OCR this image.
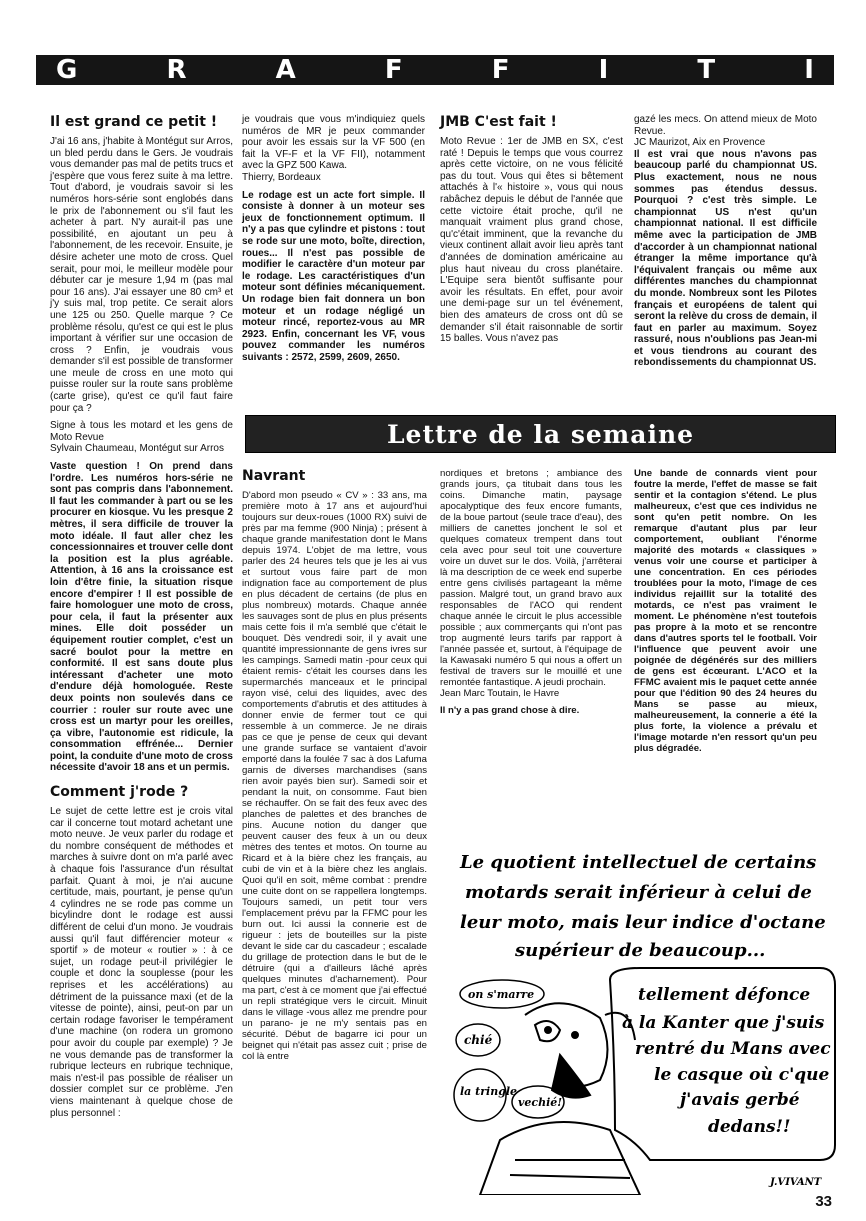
G	R	A	F	F	I	T	I
Il est grand ce petit !

J'ai 16 ans, j'habite à Montégut sur Arros, un bled perdu dans le Gers. Je voudrais vous demander pas mal de petits trucs et j'espère que vous ferez suite à ma lettre. Tout d'abord, je voudrais savoir si les numéros hors-série sont englobés dans le prix de l'abonnement ou s'il faut les acheter à part. N'y aurait-il pas une possibilité, en ajoutant un peu à l'abonnement, de les recevoir. Ensuite, je désire acheter une moto de cross. Quel serait, pour moi, le meilleur modèle pour débuter car je mesure 1,94 m (pas mal pour 16 ans). J'ai essayer une 80 cm³ et j'y suis mal, trop petite. Ce serait alors une 125 ou 250. Quelle marque ? Ce problème résolu, qu'est ce qui est le plus important à vérifier sur une occasion de cross ? Enfin, je voudrais vous demander s'il est possible de transformer une meule de cross en une moto qui puisse rouler sur la route sans problème (carte grise), qu'est ce qu'il faut faire pour ça ?

Signe à tous les motard et les gens de Moto Revue

Sylvain Chaumeau, Montégut sur Arros

Vaste question ! On prend dans l'ordre. Les numéros hors-série ne sont pas compris dans l'abonnement. Il faut les commander à part ou se les procurer en kiosque. Vu les presque 2 mètres, il sera difficile de trouver la moto idéale. Il faut aller chez les concessionnaires et trouver celle dont la position est la plus agréable. Attention, à 16 ans la croissance est loin d'être finie, la situation risque encore d'empirer ! Il est possible de faire homologuer une moto de cross, pour cela, il faut la présenter aux mines. Elle doit posséder un équipement routier complet, c'est un sacré boulot pour la mettre en conformité. Il est sans doute plus intéressant d'acheter une moto d'endure déjà homologuée. Reste deux points non soulevés dans ce courrier : rouler sur route avec une cross est un martyr pour les oreilles, ça vibre, l'autonomie est ridicule, la consommation effrénée... Dernier point, la conduite d'une moto de cross nécessite d'avoir 18 ans et un permis.

Comment j'rode ?

Le sujet de cette lettre est je crois vital car il concerne tout motard achetant une moto neuve. Je veux parler du rodage et du nombre conséquent de méthodes et marches à suivre dont on m'a parlé avec à chaque fois l'assurance d'un résultat parfait. Quant à moi, je n'ai aucune certitude, mais, pourtant, je pense qu'un 4 cylindres ne se rode pas comme un bicylindre dont le rodage est aussi différent de celui d'un mono. Je voudrais aussi qu'il faut différencier moteur « sportif » de moteur « routier » : à ce sujet, un rodage peut-il privilégier le couple et donc la souplesse (pour les reprises et les accélérations) au détriment de la puissance maxi (et de la vitesse de pointe), ainsi, peut-on par un certain rodage favoriser le tempérament d'une machine (on rodera un gromono pour avoir du couple par exemple) ? Je ne vous demande pas de transformer la rubrique lecteurs en rubrique technique, mais n'est-il pas possible de réaliser un dossier complet sur ce problème. J'en viens maintenant à quelque chose de plus personnel :

je voudrais que vous m'indiquiez quels numéros de MR je peux commander pour avoir les essais sur la VF 500 (en fait la VF-F et la VF FII), notamment avec la GPZ 500 Kawa.

Thierry, Bordeaux

Le rodage est un acte fort simple. Il consiste à donner à un moteur ses jeux de fonctionnement optimum. Il n'y a pas que cylindre et pistons : tout se rode sur une moto, boîte, direction, roues... Il n'est pas possible de modifier le caractère d'un moteur par le rodage. Les caractéristiques d'un moteur sont définies mécaniquement. Un rodage bien fait donnera un bon moteur et un rodage négligé un moteur rincé, reportez-vous au MR 2923. Enfin, concernant les VF, vous pouvez commander les numéros suivants : 2572, 2599, 2609, 2650.

JMB C'est fait !

Moto Revue : 1er de JMB en SX, c'est raté ! Depuis le temps que vous courrez après cette victoire, on ne vous félicité pas du tout. Vous qui êtes si bêtement attachés à l'« histoire », vous qui nous rabâchez depuis le début de l'année que cette victoire était proche, qu'il ne manquait vraiment plus grand chose, qu'c'était imminent, que la revanche du vieux continent allait avoir lieu après tant d'années de domination américaine au plus haut niveau du cross planétaire. L'Equipe sera bientôt suffisante pour avoir les résultats. En effet, pour avoir une demi-page sur un tel événement, bien des amateurs de cross ont dû se demander s'il était raisonnable de sortir 15 balles. Vous n'avez pas

gazé les mecs. On attend mieux de Moto Revue.

JC Maurizot, Aix en Provence

Il est vrai que nous n'avons pas beaucoup parlé du championnat US. Plus exactement, nous ne nous sommes pas étendus dessus. Pourquoi ? c'est très simple. Le championnat US n'est qu'un championnat national. Il est difficile même avec la participation de JMB d'accorder à un championnat national étranger la même importance qu'à l'équivalent français ou même aux différentes manches du championnat du monde. Nombreux sont les Pilotes français et européens de talent qui seront la relève du cross de demain, il faut en parler au maximum. Soyez rassuré, nous n'oublions pas Jean-mi et vous tiendrons au courant des rebondissements du championnat US.

Lettre de la semaine
Navrant

D'abord mon pseudo « CV » : 33 ans, ma première moto à 17 ans et aujourd'hui toujours sur deux-roues (1000 RX) suivi de près par ma femme (900 Ninja) ; présent à chaque grande manifestation dont le Mans depuis 1974. L'objet de ma lettre, vous parler des 24 heures tels que je les ai vus et surtout vous faire part de mon indignation face au comportement de plus en plus décadent de certains (de plus en plus nombreux) motards. Chaque année les sauvages sont de plus en plus présents mais cette fois il m'a semblé que c'était le bouquet. Dès vendredi soir, il y avait une quantité impressionnante de gens ivres sur les campings. Samedi matin -pour ceux qui étaient remis- c'était les courses dans les supermarchés manceaux et le principal rayon visé, celui des liquides, avec des comportements d'abrutis et des attitudes à donner envie de fermer tout ce qui ressemble à un commerce. Je ne dirais pas ce que je pense de ceux qui devant une grande surface se vantaient d'avoir emporté dans la foulée 7 sac à dos Lafuma garnis de diverses marchandises (sans rien avoir payés bien sur). Samedi soir et pendant la nuit, on consomme. Faut bien se réchauffer. On se fait des feux avec des planches de palettes et des branches de pins. Aucune notion du danger que peuvent causer des feux à un ou deux mètres des tentes et motos. On tourne au Ricard et à la bière chez les français, au cubi de vin et à la bière chez les anglais. Quoi qu'il en soit, même combat : prendre une cuite dont on se rappellera longtemps. Toujours samedi, un petit tour vers l'emplacement prévu par la FFMC pour les burn out. Ici aussi la connerie est de rigueur : jets de bouteilles sur la piste devant le side car du cascadeur ; escalade du grillage de protection dans le but de le détruire (qui a d'ailleurs lâché après quelques minutes d'acharnement). Pour ma part, c'est à ce moment que j'ai effectué un repli stratégique vers le circuit. Minuit dans le village -vous allez me prendre pour un parano- je ne m'y sentais pas en sécurité. Début de bagarre ici pour un beignet qui n'était pas assez cuit ; prise de col là entre

nordiques et bretons ; ambiance des grands jours, ça titubait dans tous les coins. Dimanche matin, paysage apocalyptique des feux encore fumants, de la boue partout (seule trace d'eau), des milliers de canettes jonchent le sol et quelques comateux trempent dans tout cela avec pour seul toit une couverture voire un duvet sur le dos. Voilà, j'arrêterai là ma description de ce week end superbe entre gens civilisés partageant la même passion. Malgré tout, un grand bravo aux responsables de l'ACO qui rendent chaque année le circuit le plus accessible possible ; aux commerçants qui n'ont pas trop augmenté leurs tarifs par rapport à l'année passée et, surtout, à l'équipage de la Kawasaki numéro 5 qui nous a offert un festival de travers sur le mouillé et une remontée fantastique. A jeudi prochain.

Jean Marc Toutain, le Havre

Il n'y a pas grand chose à dire.

Une bande de connards vient pour foutre la merde, l'effet de masse se fait sentir et la contagion s'étend. Le plus malheureux, c'est que ces individus ne sont qu'en petit nombre. On les remarque d'autant plus par leur comportement, oubliant l'énorme majorité des motards « classiques » venus voir une course et participer à une concentration. En ces périodes troublées pour la moto, l'image de ces individus rejaillit sur la totalité des motards, ce n'est pas vraiment le moment. Le phénomène n'est toutefois pas propre à la moto et se rencontre dans d'autres sports tel le football. Voir l'influence que peuvent avoir une poignée de dégénérés sur des milliers de gens est écœurant. L'ACO et la FFMC avaient mis le paquet cette année pour que l'édition 90 des 24 heures du Mans se passe au mieux, malheureusement, la connerie a été la plus forte, la violence a prévalu et l'image motarde n'en ressort qu'un peu plus dégradée.

Le quotient intellectuel de certains
motards serait inférieur à celui de
leur moto, mais leur indice d'octane
supérieur de beaucoup...
tellement défonce
à la Kanter que j'suis
rentré du Mans avec
le casque où c'que
j'avais gerbé
dedans!!
on s'marre
chié
la tringle
vechié!
J.VIVANT
33
